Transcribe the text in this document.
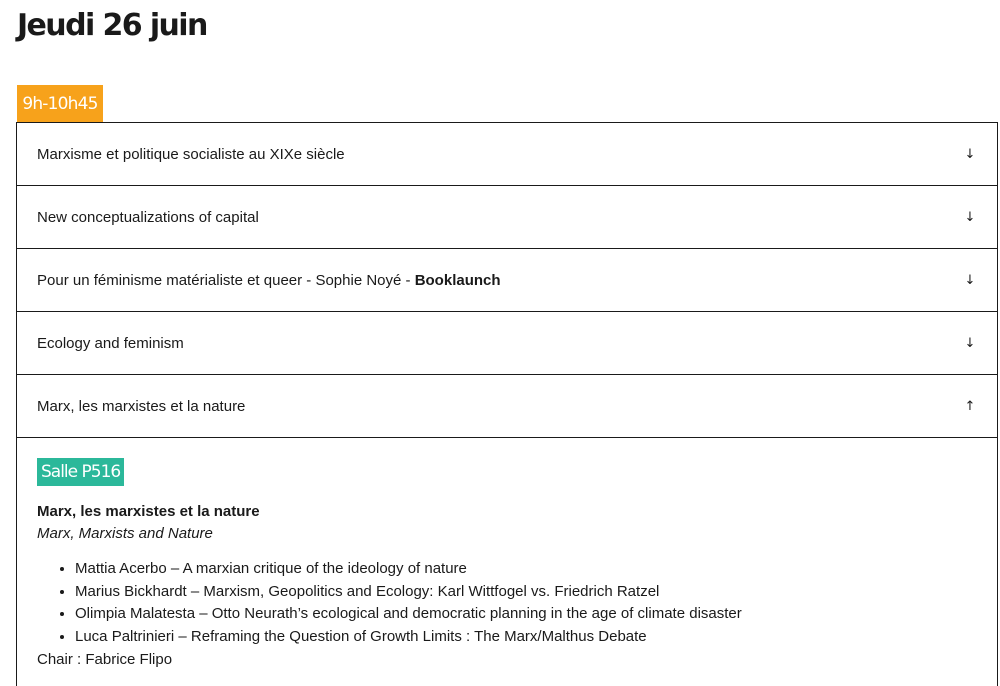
Jeudi 26 juin
9h-10h45
Marxisme et politique socialiste au XIXe siècle	↓
New conceptualizations of capital	↓
Pour un féminisme matérialiste et queer - Sophie Noyé - Booklaunch	↓
Ecology and feminism	↓
Marx, les marxistes et la nature	↑
Salle P516
Marx, les marxistes et la nature
Marx, Marxists and Nature
• Mattia Acerbo – A marxian critique of the ideology of nature
• Marius Bickhardt – Marxism, Geopolitics and Ecology: Karl Wittfogel vs. Friedrich Ratzel
• Olimpia Malatesta – Otto Neurath’s ecological and democratic planning in the age of climate disaster
• Luca Paltrinieri – Reframing the Question of Growth Limits : The Marx/Malthus Debate
Chair : Fabrice Flipo
